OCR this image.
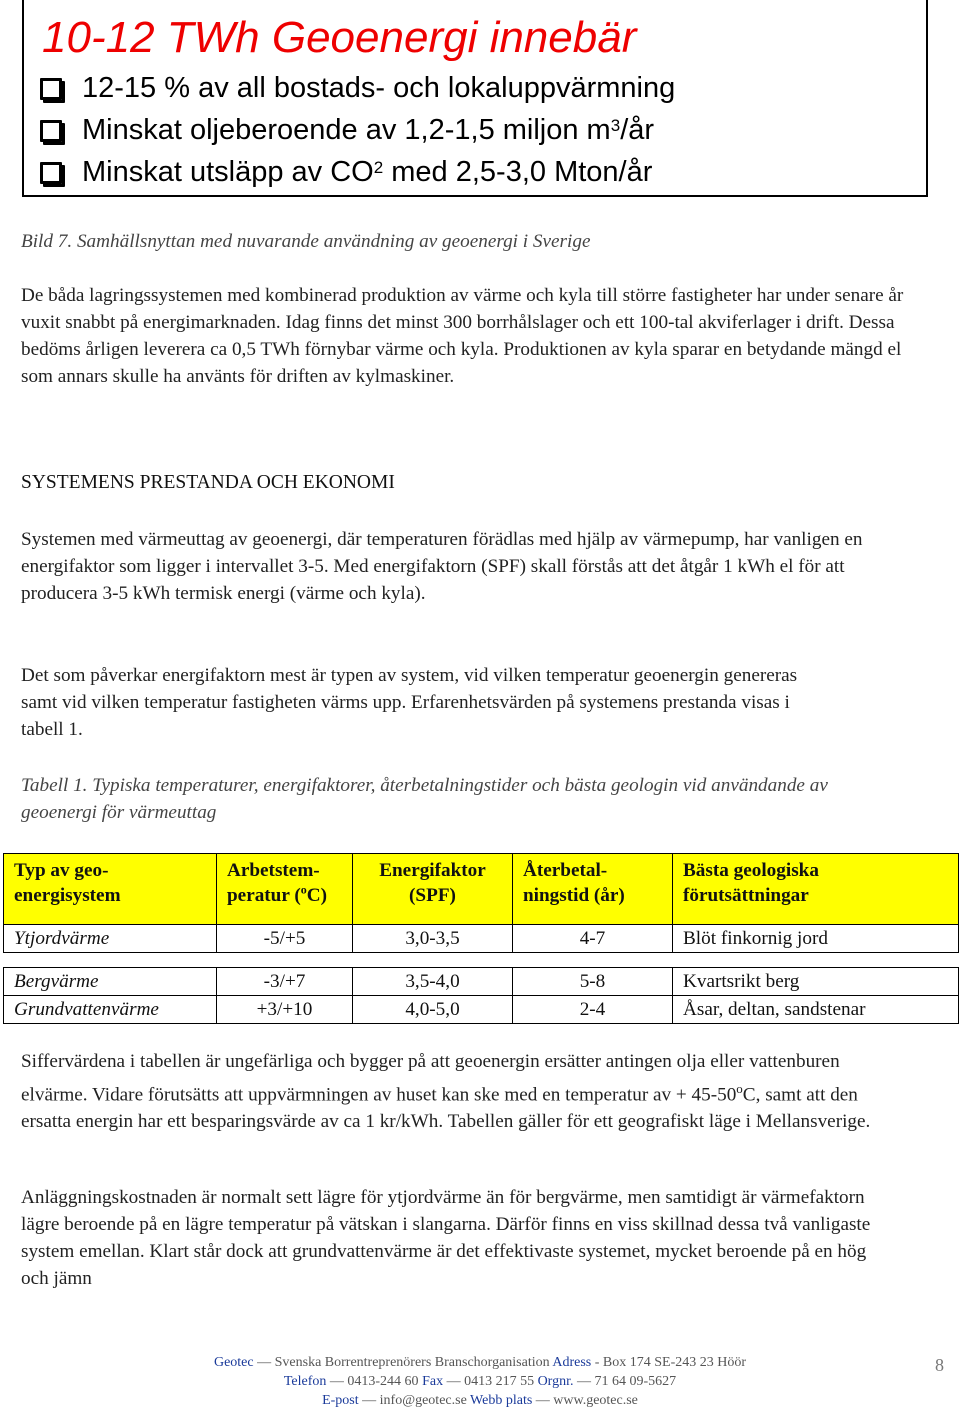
10-12 TWh Geoenergi innebär
12-15 % av all bostads- och lokaluppvärmning
Minskat oljeberoende av 1,2-1,5 miljon $m^3$ /år
Minskat utsläpp av $CO^2$ med 2,5-3,0 Mton/år
Bild 7. Samhällsnyttan med nuvarande användning av geoenergi i Sverige
De båda lagringssystemen med kombinerad produktion av värme och kyla till större fastigheter har under senare år vuxit snabbt på energimarknaden. Idag finns det minst 300 borrhålslager och ett 100-tal akviferlager i drift. Dessa bedöms årligen leverera ca 0,5 TWh förnybar värme och kyla. Produktionen av kyla sparar en betydande mängd el som annars skulle ha använts för driften av kylmaskiner.
SYSTEMENS PRESTANDA OCH EKONOMI
Systemen med värmeuttag av geoenergi, där temperaturen förädlas med hjälp av värmepump, har vanligen en energifaktor som ligger i intervallet 3-5. Med energifaktorn (SPF) skall förstås att det åtgår 1 kWh el för att producera 3-5 kWh termisk energi (värme och kyla).
Det som påverkar energifaktorn mest är typen av system, vid vilken temperatur geoenergin genereras samt vid vilken temperatur fastigheten värms upp. Erfarenhetsvärden på systemens prestanda visas i tabell 1.
Tabell 1. Typiska temperaturer, energifaktorer, återbetalningstider och bästa geologin vid användande av geoenergi för värmeuttag
Typ av geo-energisystem	Arbetstem-peratur ($^o$C)	Energifaktor (SPF)	Återbetal-ningstid (år)	Bästa geologiska förutsättningar
Ytjordvärme	-5/+5	3,0-3,5	4-7	Blöt finkornig jord

Bergvärme	-3/+7	3,5-4,0	5-8	Kvartsrikt berg
Grundvattenvärme	+3/+10	4,0-5,0	2-4	Åsar, deltan, sandstenar
Siffervärdena i tabellen är ungefärliga och bygger på att geoenergin ersätter antingen olja eller vattenburen elvärme. Vidare förutsätts att uppvärmningen av huset kan ske med en temperatur av + $45-50^oC$, samt att den ersatta energin har ett besparingsvärde av ca 1 kr/kWh. Tabellen gäller för ett geografiskt läge i Mellansverige.
Anläggningskostnaden är normalt sett lägre för ytjordvärme än för bergvärme, men samtidigt är värmefaktorn lägre beroende på en lägre temperatur på vätskan i slangarna. Därför finns en viss skillnad dessa två vanligaste system emellan. Klart står dock att grundvattenvärme är det effektivaste systemet, mycket beroende på en hög och jämn
Geotec — Svenska Borrentreprenörers Branschorganisation Adress - Box 174 SE-243 23 Höör
Telefon — 0413-244 60 Fax — 0413 217 55 Orgnr. — 71 64 09-5627
E-post — info@geotec.se Webb plats — www.geotec.se
8
